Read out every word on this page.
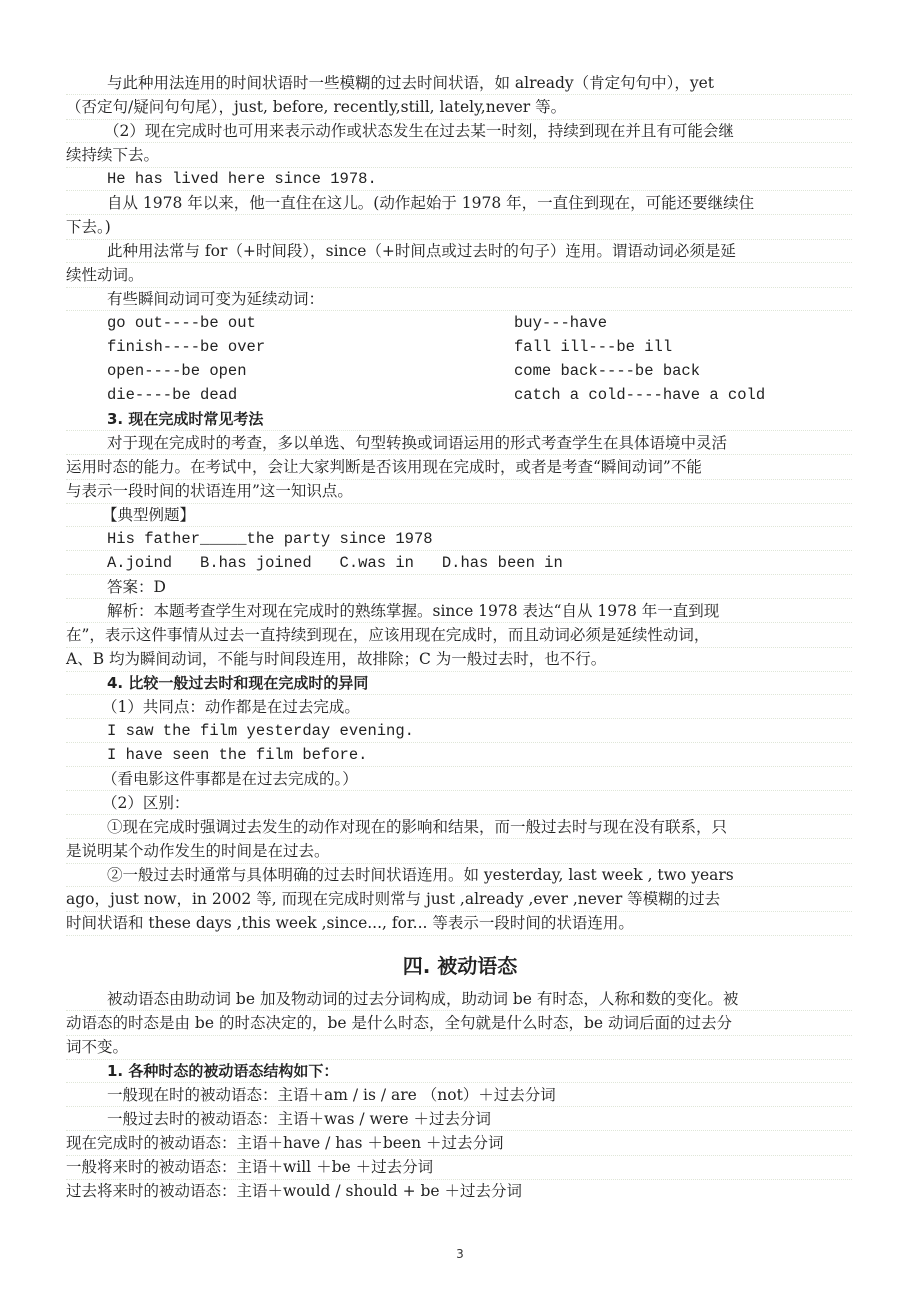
与此种用法连用的时间状语时一些模糊的过去时间状语，如 already（肯定句句中），yet
（否定句/疑问句句尾），just, before, recently,still, lately,never 等。
（2）现在完成时也可用来表示动作或状态发生在过去某一时刻，持续到现在并且有可能会继
续持续下去。
He has lived here since 1978.
自从 1978 年以来，他一直住在这儿。(动作起始于 1978 年，一直住到现在，可能还要继续住
下去。)
此种用法常与 for（+时间段），since（+时间点或过去时的句子）连用。谓语动词必须是延
续性动词。
有些瞬间动词可变为延续动词：
go out----be out
finish----be over
open----be open
die----be dead
buy---have
fall ill---be ill
come back----be back
catch a cold----have a cold
3. 现在完成时常见考法
对于现在完成时的考查，多以单选、句型转换或词语运用的形式考查学生在具体语境中灵活
运用时态的能力。在考试中，会让大家判断是否该用现在完成时，或者是考查“瞬间动词”不能
与表示一段时间的状语连用”这一知识点。
【典型例题】
His father_____the party since 1978
A.joind   B.has joined   C.was in   D.has been in
答案：D
解析：本题考查学生对现在完成时的熟练掌握。since 1978 表达“自从 1978 年一直到现
在”，表示这件事情从过去一直持续到现在，应该用现在完成时，而且动词必须是延续性动词，
A、B 均为瞬间动词，不能与时间段连用，故排除；C 为一般过去时，也不行。
4. 比较一般过去时和现在完成时的异同
（1）共同点：动作都是在过去完成。
I saw the film yesterday evening.
I have seen the film before.
（看电影这件事都是在过去完成的。）
（2）区别：
①现在完成时强调过去发生的动作对现在的影响和结果，而一般过去时与现在没有联系，只
是说明某个动作发生的时间是在过去。
②一般过去时通常与具体明确的过去时间状语连用。如 yesterday, last week , two years
ago，just now，in 2002 等, 而现在完成时则常与 just ,already ,ever ,never 等模糊的过去
时间状语和 these days ,this week ,since..., for... 等表示一段时间的状语连用。
四. 被动语态
被动语态由助动词 be 加及物动词的过去分词构成，助动词 be 有时态，人称和数的变化。被
动语态的时态是由 be 的时态决定的，be 是什么时态，全句就是什么时态，be 动词后面的过去分
词不变。
1. 各种时态的被动语态结构如下：
一般现在时的被动语态：主语＋am / is / are （not）＋过去分词
一般过去时的被动语态：主语＋was / were ＋过去分词
现在完成时的被动语态：主语＋have / has ＋been ＋过去分词
一般将来时的被动语态：主语＋will ＋be ＋过去分词
过去将来时的被动语态：主语＋would / should + be ＋过去分词
3
